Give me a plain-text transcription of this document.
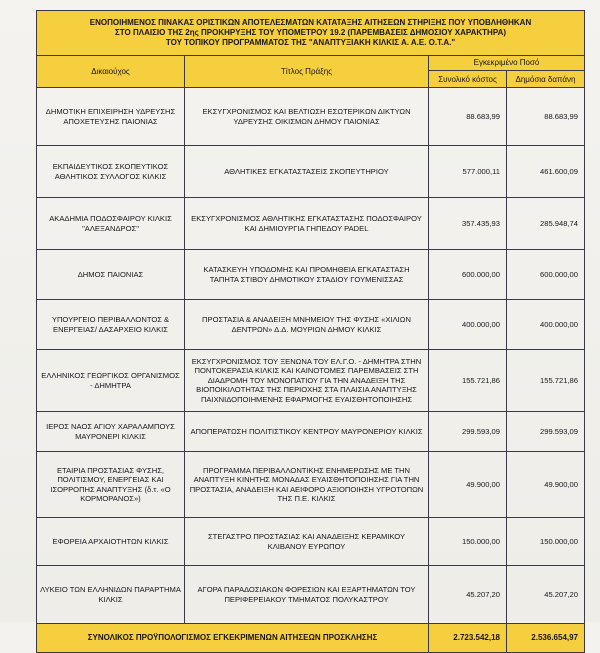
ΕΝΟΠΟΙΗΜΕΝΟΣ ΠΙΝΑΚΑΣ ΟΡΙΣΤΙΚΩΝ ΑΠΟΤΕΛΕΣΜΑΤΩΝ ΚΑΤΑΤΑΞΗΣ ΑΙΤΗΣΕΩΝ ΣΤΗΡΙΞΗΣ ΠΟΥ ΥΠΟΒΛΗΘΗΚΑΝ
ΣΤΟ ΠΛΑΙΣΙΟ ΤΗΣ 2ης ΠΡΟΚΗΡΥΞΗΣ ΤΟΥ ΥΠΟΜΕΤΡΟΥ 19.2 (ΠΑΡΕΜΒΑΣΕΙΣ ΔΗΜΟΣΙΟΥ ΧΑΡΑΚΤΗΡΑ)
ΤΟΥ ΤΟΠΙΚΟΥ ΠΡΟΓΡΑΜΜΑΤΟΣ ΤΗΣ "ΑΝΑΠΤΥΞΙΑΚΗ ΚΙΛΚΙΣ Α. Α.Ε. Ο.Τ.Α."			

Δικαιούχος	Τίτλος Πράξης	Εγκεκριμένο Ποσό	
		Συνολικό κόστος	Δημόσια δαπάνη
ΔΗΜΟΤΙΚΗ ΕΠΙΧΕΙΡΗΣΗ ΥΔΡΕΥΣΗΣ ΑΠΟΧΕΤΕΥΣΗΣ ΠΑΙΟΝΙΑΣ	ΕΚΣΥΓΧΡΟΝΙΣΜΟΣ ΚΑΙ ΒΕΛΤΙΩΣΗ ΕΣΩΤΕΡΙΚΩΝ ΔΙΚΤΥΩΝ ΥΔΡΕΥΣΗΣ ΟΙΚΙΣΜΩΝ ΔΗΜΟΥ ΠΑΙΟΝΙΑΣ	88.683,99	88.683,99
ΕΚΠΑΙΔΕΥΤΙΚΟΣ ΣΚΟΠΕΥΤΙΚΟΣ ΑΘΛΗΤΙΚΟΣ ΣΥΛΛΟΓΟΣ ΚΙΛΚΙΣ	ΑΘΛΗΤΙΚΕΣ ΕΓΚΑΤΑΣΤΑΣΕΙΣ ΣΚΟΠΕΥΤΗΡΙΟΥ	577.000,11	461.600,09
ΑΚΑΔΗΜΙΑ ΠΟΔΟΣΦΑΙΡΟΥ ΚΙΛΚΙΣ "ΑΛΕΞΑΝΔΡΟΣ"	ΕΚΣΥΓΧΡΟΝΙΣΜΟΣ ΑΘΛΗΤΙΚΗΣ ΕΓΚΑΤΑΣΤΑΣΗΣ ΠΟΔΟΣΦΑΙΡΟΥ ΚΑΙ ΔΗΜΙΟΥΡΓΙΑ ΓΗΠΕΔΟΥ PADEL	357.435,93	285.948,74
ΔΗΜΟΣ ΠΑΙΟΝΙΑΣ	ΚΑΤΑΣΚΕΥΗ ΥΠΟΔΟΜΗΣ ΚΑΙ ΠΡΟΜΗΘΕΙΑ ΕΓΚΑΤΑΣΤΑΣΗ ΤΑΠΗΤΑ ΣΤΙΒΟΥ ΔΗΜΟΤΙΚΟΥ ΣΤΑΔΙΟΥ ΓΟΥΜΕΝΙΣΣΑΣ	600.000,00	600.000,00
ΥΠΟΥΡΓΕΙΟ ΠΕΡΙΒΑΛΛΟΝΤΟΣ & ΕΝΕΡΓΕΙΑΣ/ ΔΑΣΑΡΧΕΙΟ ΚΙΛΚΙΣ	ΠΡΟΣΤΑΣΙΑ & ΑΝΑΔΕΙΞΗ ΜΝΗΜΕΙΟΥ ΤΗΣ ΦΥΣΗΣ «ΧΙΛΙΩΝ ΔΕΝΤΡΩΝ» Δ.Δ. ΜΟΥΡΙΩΝ ΔΗΜΟΥ ΚΙΛΚΙΣ	400.000,00	400.000,00
ΕΛΛΗΝΙΚΟΣ ΓΕΩΡΓΙΚΟΣ ΟΡΓΑΝΙΣΜΟΣ - ΔΗΜΗΤΡΑ	ΕΚΣΥΓΧΡΟΝΙΣΜΟΣ ΤΟΥ ΞΕΝΩΝΑ ΤΟΥ ΕΛ.Γ.Ο. - ΔΗΜΗΤΡΑ ΣΤΗΝ ΠΟΝΤΟΚΕΡΑΣΙΑ ΚΙΛΚΙΣ ΚΑΙ ΚΑΙΝΟΤΟΜΕΣ ΠΑΡΕΜΒΑΣΕΙΣ ΣΤΗ ΔΙΑΔΡΟΜΗ ΤΟΥ ΜΟΝΟΠΑΤΙΟΥ ΓΙΑ ΤΗΝ ΑΝΑΔΕΙΞΗ ΤΗΣ ΒΙΟΠΟΙΚΙΛΟΤΗΤΑΣ ΤΗΣ ΠΕΡΙΟΧΗΣ ΣΤΑ ΠΛΑΙΣΙΑ ΑΝΑΠΤΥΞΗΣ ΠΑΙΧΝΙΔΟΠΟΙΗΜΕΝΗΣ ΕΦΑΡΜΟΓΗΣ ΕΥΑΙΣΘΗΤΟΠΟΙΗΣΗΣ	155.721,86	155.721,86
ΙΕΡΟΣ ΝΑΟΣ ΑΓΙΟΥ ΧΑΡΑΛΑΜΠΟΥΣ ΜΑΥΡΟΝΕΡΙ ΚΙΛΚΙΣ	ΑΠΟΠΕΡΑΤΩΣΗ ΠΟΛΙΤΙΣΤΙΚΟΥ ΚΕΝΤΡΟΥ ΜΑΥΡΟΝΕΡΙΟΥ ΚΙΛΚΙΣ	299.593,09	299.593,09
ΕΤΑΙΡΙΑ ΠΡΟΣΤΑΣΙΑΣ ΦΥΣΗΣ, ΠΟΛΙΤΙΣΜΟΥ, ΕΝΕΡΓΕΙΑΣ ΚΑΙ ΙΣΟΡΡΟΠΗΣ ΑΝΑΠΤΥΞΗΣ (δ.τ. «Ο ΚΟΡΜΟΡΑΝΟΣ»)	ΠΡΟΓΡΑΜΜΑ ΠΕΡΙΒΑΛΛΟΝΤΙΚΗΣ ΕΝΗΜΕΡΩΣΗΣ ΜΕ ΤΗΝ ΑΝΑΠΤΥΞΗ ΚΙΝΗΤΗΣ ΜΟΝΑΔΑΣ ΕΥΑΙΣΘΗΤΟΠΟΙΗΣΗΣ ΓΙΑ ΤΗΝ ΠΡΟΣΤΑΣΙΑ, ΑΝΑΔΕΙΞΗ ΚΑΙ ΑΕΙΦΟΡΟ ΑΞΙΟΠΟΙΗΣΗ ΥΓΡΟΤΟΠΩΝ ΤΗΣ Π.Ε. ΚΙΛΚΙΣ	49.900,00	49.900,00
ΕΦΟΡΕΙΑ ΑΡΧΑΙΟΤΗΤΩΝ ΚΙΛΚΙΣ	ΣΤΕΓΑΣΤΡΟ ΠΡΟΣΤΑΣΙΑΣ ΚΑΙ ΑΝΑΔΕΙΞΗΣ ΚΕΡΑΜΙΚΟΥ ΚΛΙΒΑΝΟΥ ΕΥΡΩΠΟΥ	150.000,00	150.000,00
ΛΥΚΕΙΟ ΤΩΝ ΕΛΛΗΝΙΔΩΝ ΠΑΡΑΡΤΗΜΑ ΚΙΛΚΙΣ	ΑΓΟΡΑ ΠΑΡΑΔΟΣΙΑΚΩΝ ΦΟΡΕΣΙΩΝ ΚΑΙ ΕΞΑΡΤΗΜΑΤΩΝ ΤΟΥ ΠΕΡΙΦΕΡΕΙΑΚΟΥ ΤΜΗΜΑΤΟΣ ΠΟΛΥΚΑΣΤΡΟΥ	45.207,20	45.207,20
ΣΥΝΟΛΙΚΟΣ ΠΡΟΫΠΟΛΟΓΙΣΜΟΣ ΕΓΚΕΚΡΙΜΕΝΩΝ ΑΙΤΗΣΕΩΝ ΠΡΟΣΚΛΗΣΗΣ		2.723.542,18	2.536.654,97
